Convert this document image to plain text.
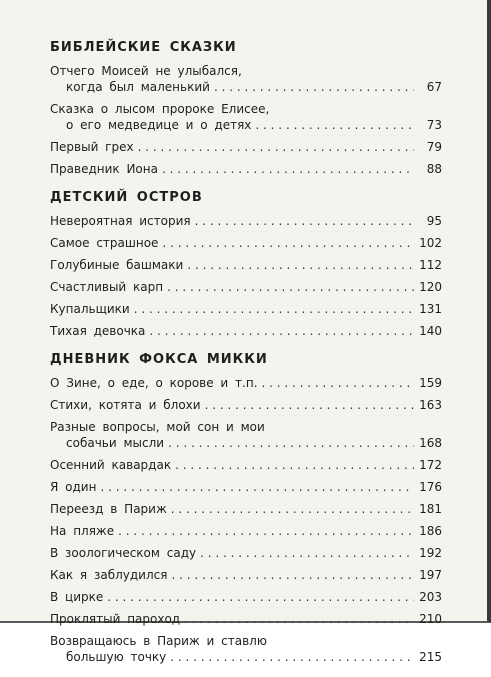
БИБЛЕЙСКИЕ СКАЗКИ
Отчего Моисей не улыбался,
когда был маленький . . .	67
Сказка о лысом пророке Елисее,
о его медведице и о детях . . .	73
Первый грех . . .	79
Праведник Иона . . .	88
ДЕТСКИЙ ОСТРОВ
Невероятная история . . .	95
Самое страшное . . .	102
Голубиные башмаки . . .	112
Счастливый карп . . .	120
Купальщики . . .	131
Тихая девочка . . .	140
ДНЕВНИК ФОКСА МИККИ
О Зине, о еде, о корове и т.п. . . .	159
Стихи, котята и блохи . . .	163
Разные вопросы, мой сон и мои
собачьи мысли . . .	168
Осенний кавардак . . .	172
Я один . . .	176
Переезд в Париж . . .	181
На пляже . . .	186
В зоологическом саду . . .	192
Как я заблудился . . .	197
В цирке . . .	203
Проклятый пароход . . .	210
Возвращаюсь в Париж и ставлю
большую точку . . .	215
